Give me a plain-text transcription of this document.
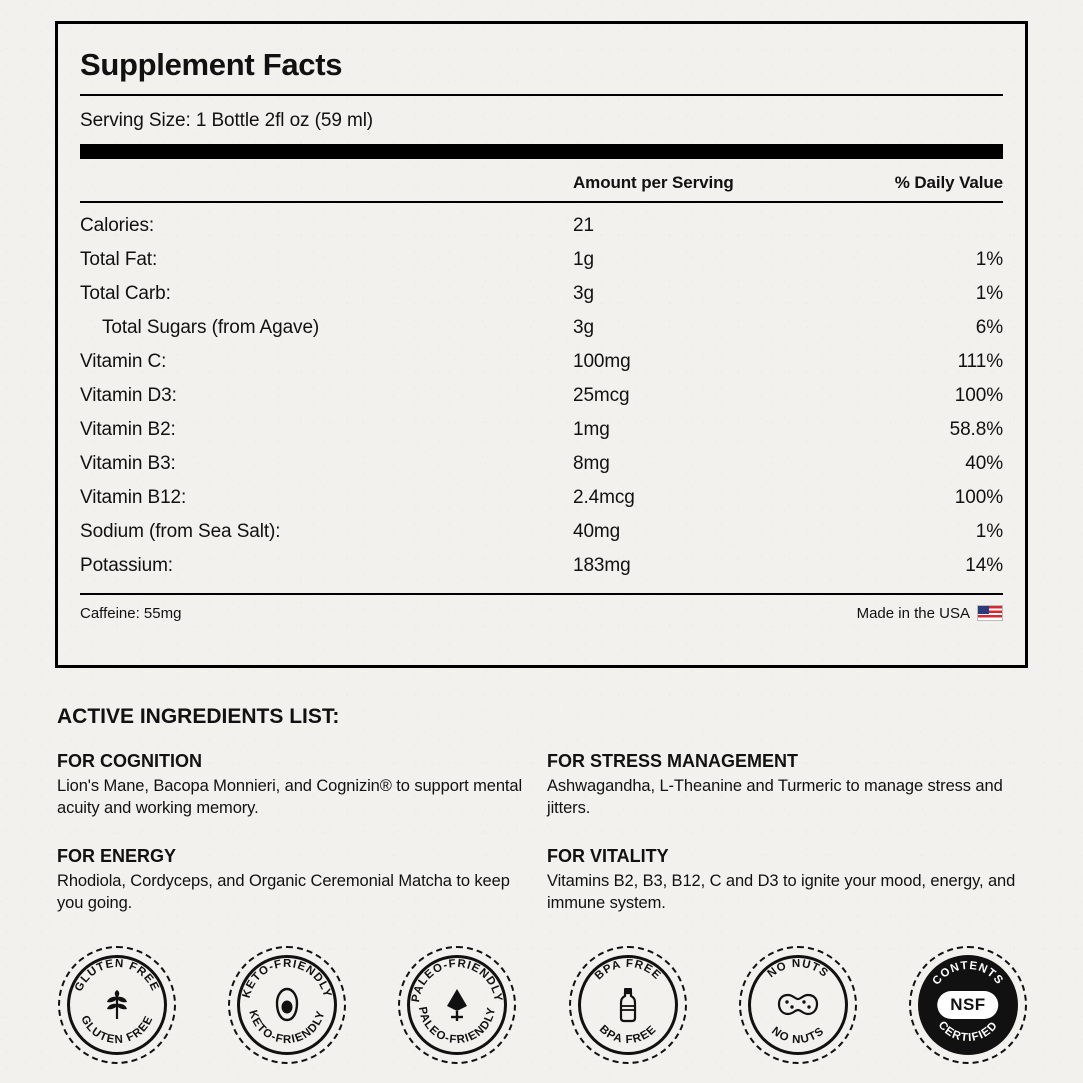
Supplement Facts
Serving Size: 1 Bottle 2fl oz (59 ml)
	Amount per Serving	% Daily Value
Calories:	21	
Total Fat:	1g	1%
Total Carb:	3g	1%
Total Sugars (from Agave)	3g	6%
Vitamin C:	100mg	111%
Vitamin D3:	25mcg	100%
Vitamin B2:	1mg	58.8%
Vitamin B3:	8mg	40%
Vitamin B12:	2.4mcg	100%
Sodium (from Sea Salt):	40mg	1%
Potassium:	183mg	14%
Caffeine: 55mg	Made in the USA
ACTIVE INGREDIENTS LIST:
FOR COGNITION

Lion's Mane, Bacopa Monnieri, and Cognizin® to support mental acuity and working memory.

FOR STRESS MANAGEMENT

Ashwagandha, L-Theanine and Turmeric to manage stress and jitters.

FOR ENERGY

Rhodiola, Cordyceps, and Organic Ceremonial Matcha to keep you going.

FOR VITALITY

Vitamins B2, B3, B12, C and D3 to ignite your mood, energy, and immune system.

GLUTEN FREE
GLUTEN FREE
KETO-FRIENDLY
KETO-FRIENDLY
PALEO-FRIENDLY
PALEO-FRIENDLY
BPA FREE
BPA FREE
NO NUTS
NO NUTS
CONTENTS
CERTIFIED
NSF
